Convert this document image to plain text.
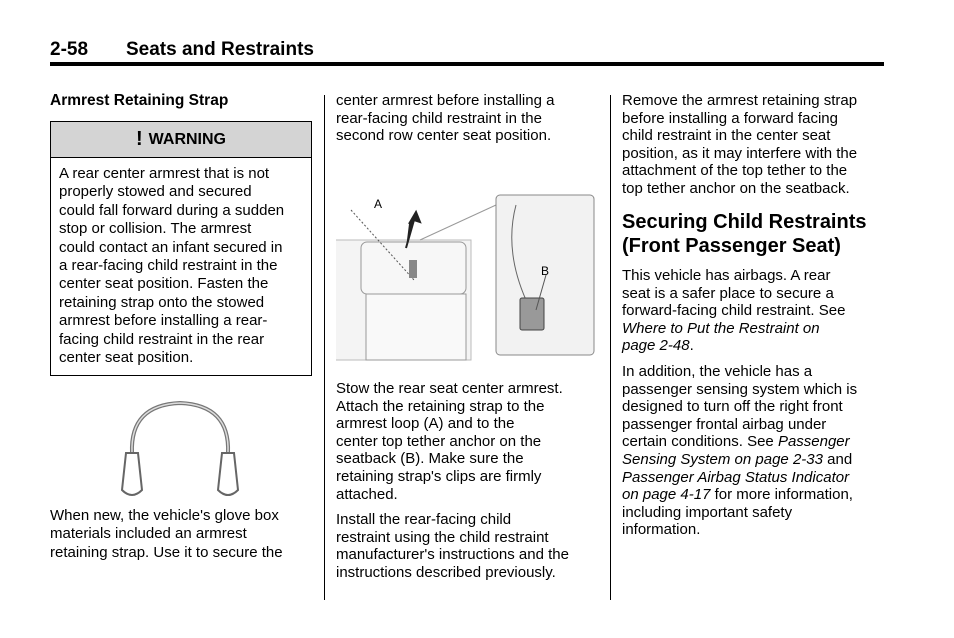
2-58 Seats and Restraints
Armrest Retaining Strap
! WARNING
A rear center armrest that is not
properly stowed and secured
could fall forward during a sudden
stop or collision. The armrest
could contact an infant secured in
a rear-facing child restraint in the
center seat position. Fasten the
retaining strap onto the stowed
armrest before installing a rear-
facing child restraint in the rear
center seat position.
When new, the vehicle's glove box
materials included an armrest
retaining strap. Use it to secure the
center armrest before installing a
rear-facing child restraint in the
second row center seat position.
A
B
Stow the rear seat center armrest.
Attach the retaining strap to the
armrest loop (A) and to the
center top tether anchor on the
seatback (B). Make sure the
retaining strap's clips are firmly
attached.
Install the rear-facing child
restraint using the child restraint
manufacturer's instructions and the
instructions described previously.
Remove the armrest retaining strap
before installing a forward facing
child restraint in the center seat
position, as it may interfere with the
attachment of the top tether to the
top tether anchor on the seatback.
Securing Child Restraints
(Front Passenger Seat)
This vehicle has airbags. A rear
seat is a safer place to secure a
forward-facing child restraint. See
Where to Put the Restraint on
page 2-48.
In addition, the vehicle has a
passenger sensing system which is
designed to turn off the right front
passenger frontal airbag under
certain conditions. See Passenger
Sensing System on page 2-33 and
Passenger Airbag Status Indicator
on page 4-17 for more information,
including important safety
information.
